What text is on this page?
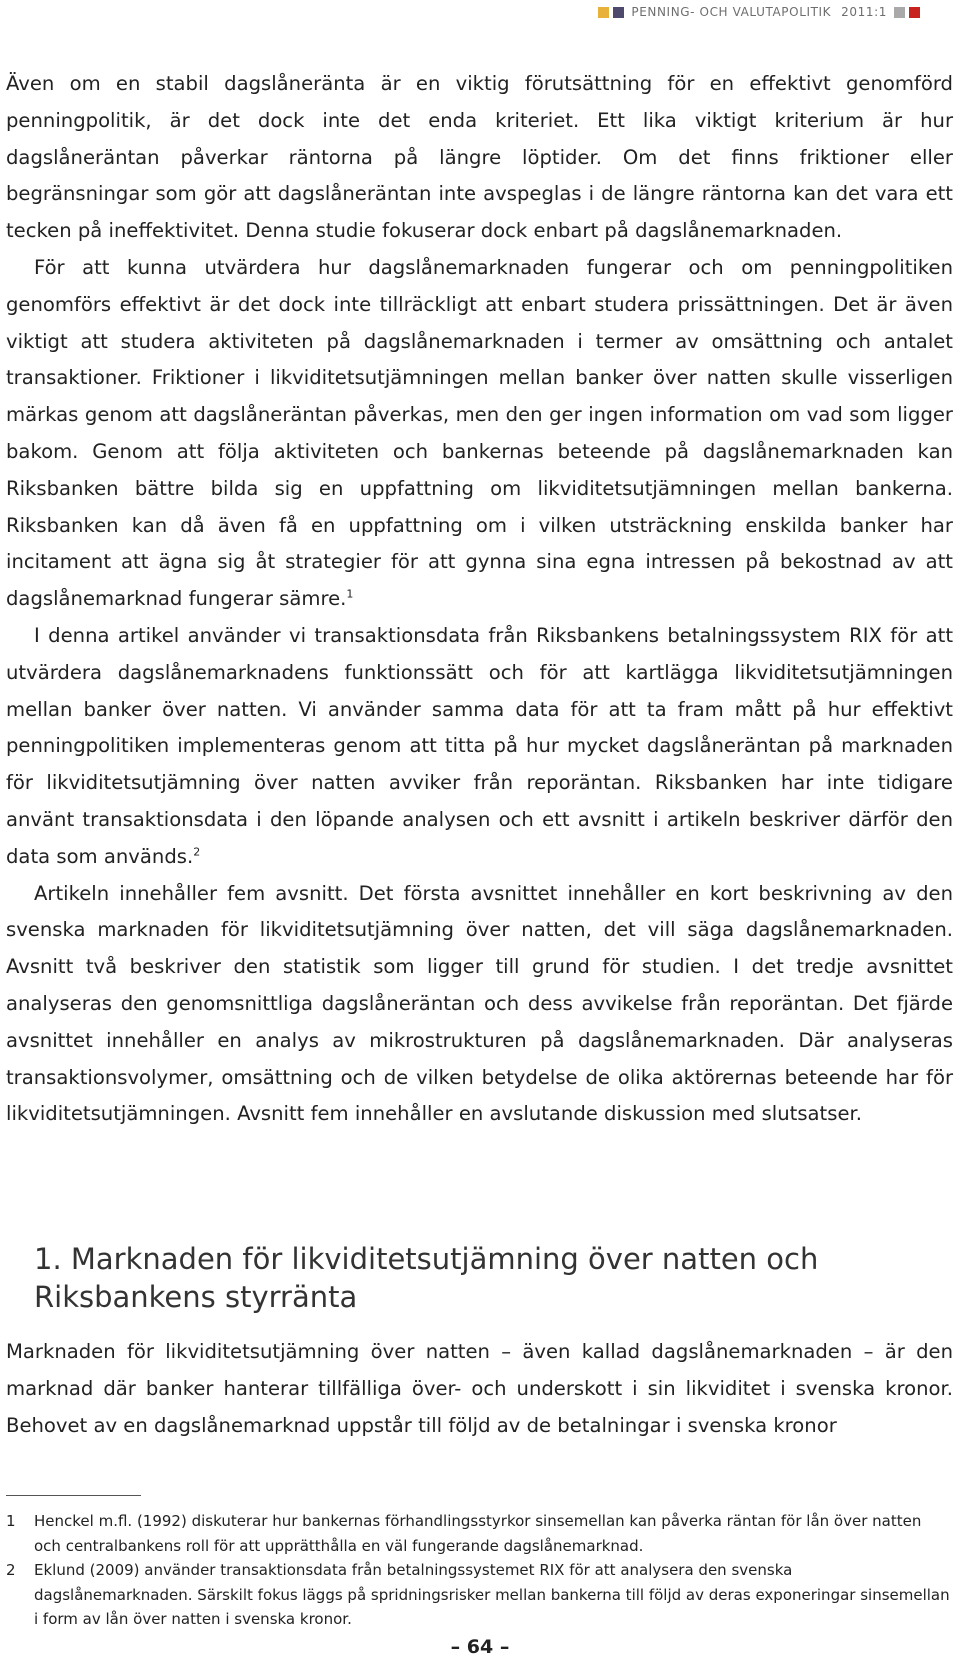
PENNING- OCH VALUTAPOLITIK 2011:1

Även om en stabil dagslåneränta är en viktig förutsättning för en effektivt genomförd penningpolitik, är det dock inte det enda kriteriet. Ett lika viktigt kriterium är hur dagslåneräntan påverkar räntorna på längre löptider. Om det finns friktioner eller begränsningar som gör att dagslåneräntan inte avspeglas i de längre räntorna kan det vara ett tecken på ineffektivitet. Denna studie fokuserar dock enbart på dagslånemarknaden.

För att kunna utvärdera hur dagslånemarknaden fungerar och om penningpolitiken genomförs effektivt är det dock inte tillräckligt att enbart studera prissättningen. Det är även viktigt att studera aktiviteten på dagslånemarknaden i termer av omsättning och antalet transaktioner. Friktioner i likviditetsutjämningen mellan banker över natten skulle visserligen märkas genom att dagslåneräntan påverkas, men den ger ingen information om vad som ligger bakom. Genom att följa aktiviteten och bankernas beteende på dagslånemarknaden kan Riksbanken bättre bilda sig en uppfattning om likviditetsutjämningen mellan bankerna. Riksbanken kan då även få en uppfattning om i vilken utsträckning enskilda banker har incitament att ägna sig åt strategier för att gynna sina egna intressen på bekostnad av att dagslånemarknad fungerar sämre.$^1$

I denna artikel använder vi transaktionsdata från Riksbankens betalningssystem RIX för att utvärdera dagslånemarknadens funktionssätt och för att kartlägga likviditetsutjämningen mellan banker över natten. Vi använder samma data för att ta fram mått på hur effektivt penningpolitiken implementeras genom att titta på hur mycket dagslåneräntan på marknaden för likviditetsutjämning över natten avviker från reporäntan. Riksbanken har inte tidigare använt transaktionsdata i den löpande analysen och ett avsnitt i artikeln beskriver därför den data som används.$^2$

Artikeln innehåller fem avsnitt. Det första avsnittet innehåller en kort beskrivning av den svenska marknaden för likviditetsutjämning över natten, det vill säga dagslånemarknaden. Avsnitt två beskriver den statistik som ligger till grund för studien. I det tredje avsnittet analyseras den genomsnittliga dagslåneräntan och dess avvikelse från reporäntan. Det fjärde avsnittet innehåller en analys av mikrostrukturen på dagslånemarknaden. Där analyseras transaktionsvolymer, omsättning och de vilken betydelse de olika aktörernas beteende har för likviditetsutjämningen. Avsnitt fem innehåller en avslutande diskussion med slutsatser.

1. Marknaden för likviditetsutjämning över natten och Riksbankens styrränta

Marknaden för likviditetsutjämning över natten – även kallad dagslånemarknaden – är den marknad där banker hanterar tillfälliga över- och underskott i sin likviditet i svenska kronor. Behovet av en dagslånemarknad uppstår till följd av de betalningar i svenska kronor

1	Henckel m.fl. (1992) diskuterar hur bankernas förhandlingsstyrkor sinsemellan kan påverka räntan för lån över natten och centralbankens roll för att upprätthålla en väl fungerande dagslånemarknad.
2	Eklund (2009) använder transaktionsdata från betalningssystemet RIX för att analysera den svenska dagslånemarknaden. Särskilt fokus läggs på spridningsrisker mellan bankerna till följd av deras exponeringar sinsemellan i form av lån över natten i svenska kronor.
– 64 –
